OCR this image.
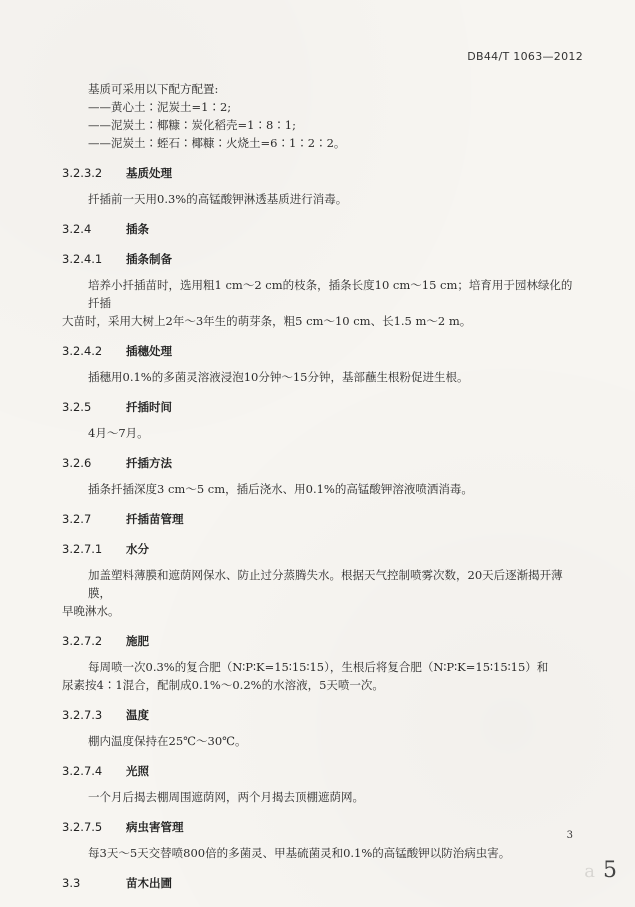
DB44/T 1063—2012

基质可采用以下配方配置:

——黄心土∶泥炭土=1∶2;

——泥炭土∶椰糠∶炭化稻壳=1∶8∶1;

——泥炭土∶蛭石∶椰糠∶火烧土=6∶1∶2∶2。

3.2.3.2	基质处理

扦插前一天用0.3%的高锰酸钾淋透基质进行消毒。

3.2.4	插条
3.2.4.1	插条制备

培养小扦插苗时，选用粗1 cm～2 cm的枝条，插条长度10 cm～15 cm；培育用于园林绿化的扦插

大苗时，采用大树上2年～3年生的萌芽条，粗5 cm～10 cm、长1.5 m～2 m。

3.2.4.2	插穗处理

插穗用0.1%的多菌灵溶液浸泡10分钟～15分钟，基部蘸生根粉促进生根。

3.2.5	扦插时间

4月～7月。

3.2.6	扦插方法

插条扦插深度3 cm～5 cm，插后浇水、用0.1%的高锰酸钾溶液喷洒消毒。

3.2.7	扦插苗管理
3.2.7.1	水分

加盖塑料薄膜和遮荫网保水、防止过分蒸腾失水。根据天气控制喷雾次数，20天后逐渐揭开薄膜，

早晚淋水。

3.2.7.2	施肥

每周喷一次0.3%的复合肥（N∶P∶K=15∶15∶15），生根后将复合肥（N∶P∶K=15∶15∶15）和

尿素按4∶1混合，配制成0.1%～0.2%的水溶液，5天喷一次。

3.2.7.3	温度

棚内温度保持在25℃～30℃。

3.2.7.4	光照

一个月后揭去棚周围遮荫网，两个月揭去顶棚遮荫网。

3.2.7.5	病虫害管理

每3天～5天交替喷800倍的多菌灵、甲基硫菌灵和0.1%的高锰酸钾以防治病虫害。

3.3	苗木出圃
3
a 5
